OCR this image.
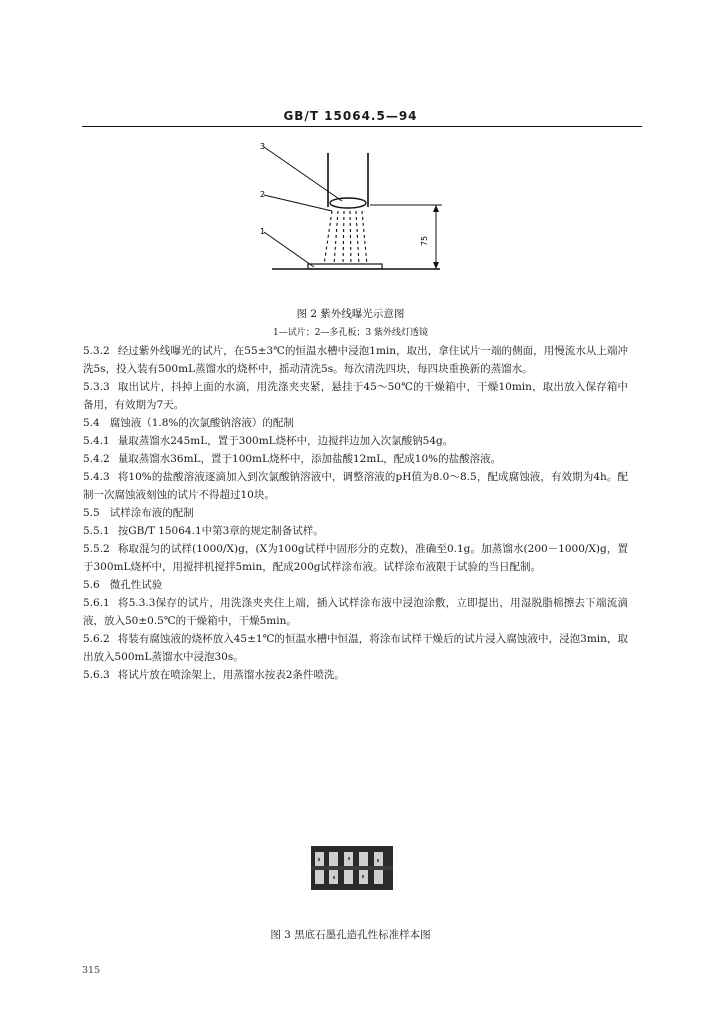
GB/T 15064.5—94
75
3
2
1
图 2 紫外线曝光示意图
1—试片；2—多孔板；3 紫外线灯透镜

5.3.2 经过紫外线曝光的试片，在55±3℃的恒温水槽中浸泡1min，取出，拿住试片一端的侧面，用慢流水从上端冲洗5s，投入装有500mL蒸馏水的烧杯中，摇动清洗5s。每次清洗四块，每四块重换新的蒸馏水。

5.3.3 取出试片，抖掉上面的水滴，用洗涤夹夹紧，悬挂于45～50℃的干燥箱中，干燥10min，取出放入保存箱中备用，有效期为7天。

5.4 腐蚀液（1.8%的次氯酸钠溶液）的配制

5.4.1 量取蒸馏水245mL，置于300mL烧杯中，边搅拌边加入次氯酸钠54g。

5.4.2 量取蒸馏水36mL，置于100mL烧杯中，添加盐酸12mL，配成10%的盐酸溶液。

5.4.3 将10%的盐酸溶液逐滴加入到次氯酸钠溶液中，调整溶液的pH值为8.0～8.5，配成腐蚀液，有效期为4h。配制一次腐蚀液刻蚀的试片不得超过10块。

5.5 试样涂布液的配制

5.5.1 按GB/T 15064.1中第3章的规定制备试样。

5.5.2 称取混匀的试样(1000/X)g，(X为100g试样中固形分的克数)，准确至0.1g。加蒸馏水(200－1000/X)g，置于300mL烧杯中，用搅拌机搅拌5min，配成200g试样涂布液。试样涂布液限于试验的当日配制。

5.6 微孔性试验

5.6.1 将5.3.3保存的试片，用洗涤夹夹住上端，插入试样涂布液中浸泡涂敷，立即提出，用湿脱脂棉擦去下端流滴液，放入50±0.5℃的干燥箱中，干燥5min。

5.6.2 将装有腐蚀液的烧杯放入45±1℃的恒温水槽中恒温，将涂布试样干燥后的试片浸入腐蚀液中，浸泡3min，取出放入500mL蒸馏水中浸泡30s。

5.6.3 将试片放在喷涂架上，用蒸馏水按表2条件喷洗。

图 3 黑底石墨孔造孔性标准样本图
315
